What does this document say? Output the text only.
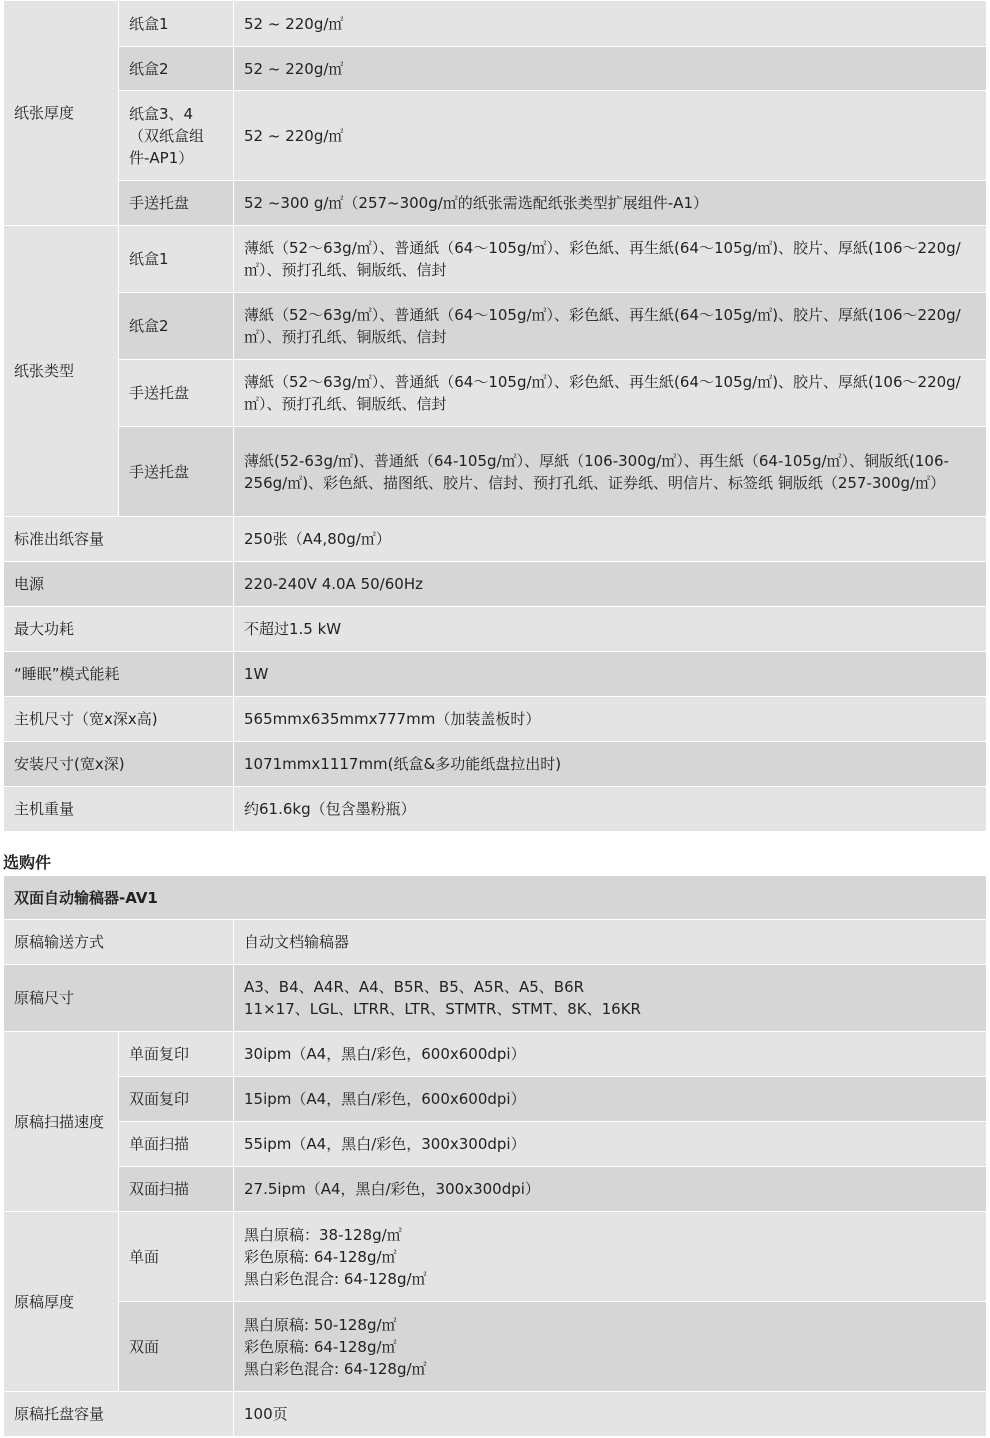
纸张厚度	纸盒1	52 ~ 220g/㎡
	纸盒2	52 ~ 220g/㎡
	纸盒3、4（双纸盒组件-AP1）	52 ~ 220g/㎡
	手送托盘	52 ~300 g/㎡（257~300g/㎡的纸张需选配纸张类型扩展组件-A1）
纸张类型	纸盒1	薄紙（52～63g/㎡）、普通紙（64～105g/㎡）、彩色紙、再生紙(64～105g/㎡)、胶片、厚紙(106～220g/㎡）、预打孔纸、铜版纸、信封
	纸盒2	薄紙（52～63g/㎡）、普通紙（64～105g/㎡）、彩色紙、再生紙(64～105g/㎡)、胶片、厚紙(106～220g/㎡）、预打孔纸、铜版纸、信封
	手送托盘	薄紙（52～63g/㎡）、普通紙（64～105g/㎡）、彩色紙、再生紙(64～105g/㎡)、胶片、厚紙(106～220g/㎡）、预打孔纸、铜版纸、信封
	手送托盘	薄紙(52-63g/㎡)、普通紙（64-105g/㎡）、厚紙（106-300g/㎡）、再生紙（64-105g/㎡）、铜版纸(106-256g/㎡)、彩色紙、描图纸、胶片、信封、预打孔纸、证券纸、明信片、标签纸 铜版纸（257-300g/㎡）
标准出纸容量		250张（A4,80g/㎡）
电源		220-240V 4.0A 50/60Hz
最大功耗		不超过1.5 kW
“睡眠”模式能耗		1W
主机尺寸（宽x深x高)		565mmx635mmx777mm（加装盖板时）
安装尺寸(宽x深)		1071mmx1117mm(纸盒&多功能纸盘拉出时)
主机重量		约61.6kg（包含墨粉瓶）
选购件
双面自动输稿器-AV1		
原稿输送方式		自动文档输稿器
原稿尺寸		A3、B4、A4R、A4、B5R、B5、A5R、A5、B6R
11×17、LGL、LTRR、LTR、STMTR、STMT、8K、16KR

原稿扫描速度	单面复印	30ipm（A4，黑白/彩色，600x600dpi）
	双面复印	15ipm（A4，黑白/彩色，600x600dpi）
	单面扫描	55ipm（A4，黑白/彩色，300x300dpi）
	双面扫描	27.5ipm（A4，黑白/彩色，300x300dpi）
原稿厚度	单面	黑白原稿：38-128g/㎡
彩色原稿: 64-128g/㎡
黑白彩色混合: 64-128g/㎡

	双面	黑白原稿: 50-128g/㎡
彩色原稿: 64-128g/㎡
黑白彩色混合: 64-128g/㎡

原稿托盘容量		100页
